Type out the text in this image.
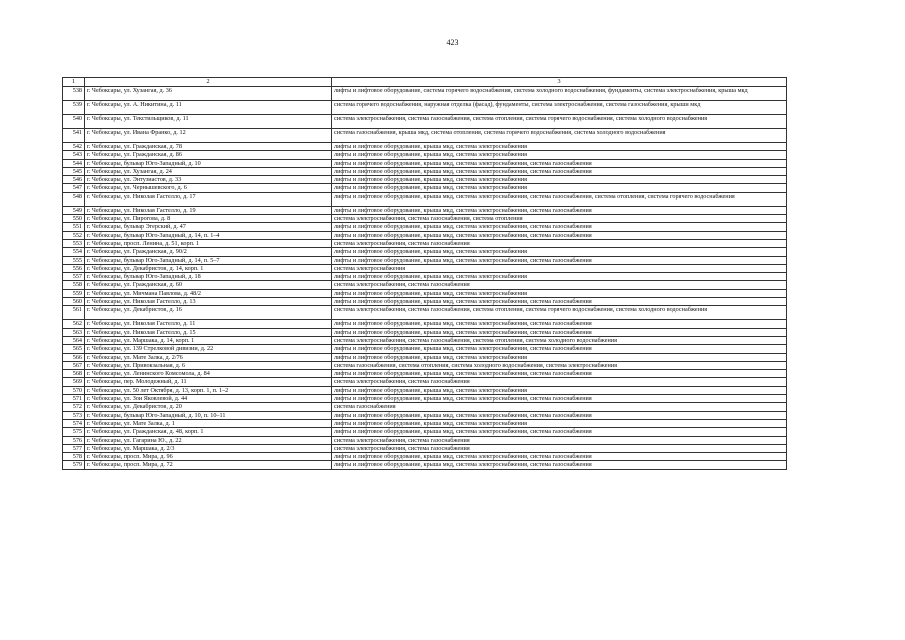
423
1	2	3
538	г. Чебоксары, ул. Хузангая, д. 36	лифты и лифтовое оборудование, система горячего водоснабжения, система холодного водоснабжения, фундаменты, система электроснабжения, крыша мкд
539	г. Чебоксары, ул. А. Никитина, д. 11	система горячего водоснабжения, наружная отделка (фасад), фундаменты, система электроснабжения, система газоснабжения, крыши мкд
540	г. Чебоксары, ул. Текстильщиков, д. 11	система электроснабжения, система газоснабжения, система отопления, система горячего водоснабжения, система холодного водоснабжения
541	г. Чебоксары, ул. Ивана Франко, д. 12	система газоснабжения, крыша мкд, система отопления, система горячего водоснабжения, система холодного водоснабжения
542	г. Чебоксары, ул. Гражданская, д. 78	лифты и лифтовое оборудование, крыша мкд, система электроснабжения
543	г. Чебоксары, ул. Гражданская, д. 86	лифты и лифтовое оборудование, крыша мкд, система электроснабжения
544	г. Чебоксары, бульвар Юго-Западный, д. 10	лифты и лифтовое оборудование, крыша мкд, система электроснабжения, система газоснабжения
545	г. Чебоксары, ул. Хузангая, д. 24	лифты и лифтовое оборудование, крыша мкд, система электроснабжения, система газоснабжения
546	г. Чебоксары, ул. Энтузиастов, д. 33	лифты и лифтовое оборудование, крыша мкд, система электроснабжения
547	г. Чебоксары, ул. Чернышевского, д. 6	лифты и лифтовое оборудование, крыша мкд, система электроснабжения
548	г. Чебоксары, ул. Николая Гастелло, д. 17	лифты и лифтовое оборудование, крыша мкд, система электроснабжения, система газоснабжения, система отопления, система горячего водоснабжения
549	г. Чебоксары, ул. Николая Гастелло, д. 19	лифты и лифтовое оборудование, крыша мкд, система электроснабжения, система газоснабжения
550	г. Чебоксары, ул. Пирогова, д. 8	система электроснабжения, система газоснабжения, система отопления
551	г. Чебоксары, бульвар Эгерский, д. 47	лифты и лифтовое оборудование, крыша мкд, система электроснабжения, система газоснабжения
552	г. Чебоксары, бульвар Юго-Западный, д. 14, п. 1–4	лифты и лифтовое оборудование, крыша мкд, система электроснабжения, система газоснабжения
553	г. Чебоксары, просп. Ленина, д. 51, корп. 1	система электроснабжения, система газоснабжения
554	г. Чебоксары, ул. Гражданская, д. 90/2	лифты и лифтовое оборудование, крыша мкд, система электроснабжения
555	г. Чебоксары, бульвар Юго-Западный, д. 14, п. 5–7	лифты и лифтовое оборудование, крыша мкд, система электроснабжения, система газоснабжения
556	г. Чебоксары, ул. Декабристов, д. 14, корп. 1	система электроснабжения
557	г. Чебоксары, бульвар Юго-Западный, д. 18	лифты и лифтовое оборудование, крыша мкд, система электроснабжения
558	г. Чебоксары, ул. Гражданская, д. 60	система электроснабжения, система газоснабжения
559	г. Чебоксары, ул. Мичмана Павлова, д. 48/2	лифты и лифтовое оборудование, крыша мкд, система электроснабжения
560	г. Чебоксары, ул. Николая Гастелло, д. 13	лифты и лифтовое оборудование, крыша мкд, система электроснабжения, система газоснабжения
561	г. Чебоксары, ул. Декабристов, д. 16	система электроснабжения, система газоснабжения, система отопления, система горячего водоснабжения, система холодного водоснабжения
562	г. Чебоксары, ул. Николая Гастелло, д. 11	лифты и лифтовое оборудование, крыша мкд, система электроснабжения, система газоснабжения
563	г. Чебоксары, ул. Николая Гастелло, д. 15	лифты и лифтовое оборудование, крыша мкд, система электроснабжения, система газоснабжения
564	г. Чебоксары, ул. Маршака, д. 14, корп. 1	система электроснабжения, система газоснабжения, система отопления, система холодного водоснабжения
565	г. Чебоксары, ул. 139 Стрелковой дивизии, д. 22	лифты и лифтовое оборудование, крыша мкд, система электроснабжения, система газоснабжения
566	г. Чебоксары, ул. Мате Залка, д. 2/76	лифты и лифтовое оборудование, крыша мкд, система электроснабжения
567	г. Чебоксары, ул. Привокзальная, д. 6	система газоснабжения, система отопления, система холодного водоснабжения, система электроснабжения
568	г. Чебоксары, ул. Ленинского Комсомола, д. 84	лифты и лифтовое оборудование, крыша мкд, система электроснабжения, система газоснабжения
569	г. Чебоксары, пер. Молодежный, д. 11	система электроснабжения, система газоснабжения
570	г. Чебоксары, ул. 50 лет Октября, д. 13, корп. 1, п. 1–2	лифты и лифтовое оборудование, крыша мкд, система электроснабжения
571	г. Чебоксары, ул. Зои Яковлевой, д. 44	лифты и лифтовое оборудование, крыша мкд, система электроснабжения, система газоснабжения
572	г. Чебоксары, ул. Декабристов, д. 20	система газоснабжения
573	г. Чебоксары, бульвар Юго-Западный, д. 10, п. 10–11	лифты и лифтовое оборудование, крыша мкд, система электроснабжения, система газоснабжения
574	г. Чебоксары, ул. Мате Залка, д. 1	лифты и лифтовое оборудование, крыша мкд, система электроснабжения
575	г. Чебоксары, ул. Гражданская, д. 48, корп. 1	лифты и лифтовое оборудование, крыша мкд, система электроснабжения, система газоснабжения
576	г. Чебоксары, ул. Гагарина Ю., д. 22	система электроснабжения, система газоснабжения
577	г. Чебоксары, ул. Маршака, д. 2/3	система электроснабжения, система газоснабжения
578	г. Чебоксары, просп. Мира, д. 96	лифты и лифтовое оборудование, крыша мкд, система электроснабжения, система газоснабжения
579	г. Чебоксары, просп. Мира, д. 72	лифты и лифтовое оборудование, крыша мкд, система электроснабжения, система газоснабжения
